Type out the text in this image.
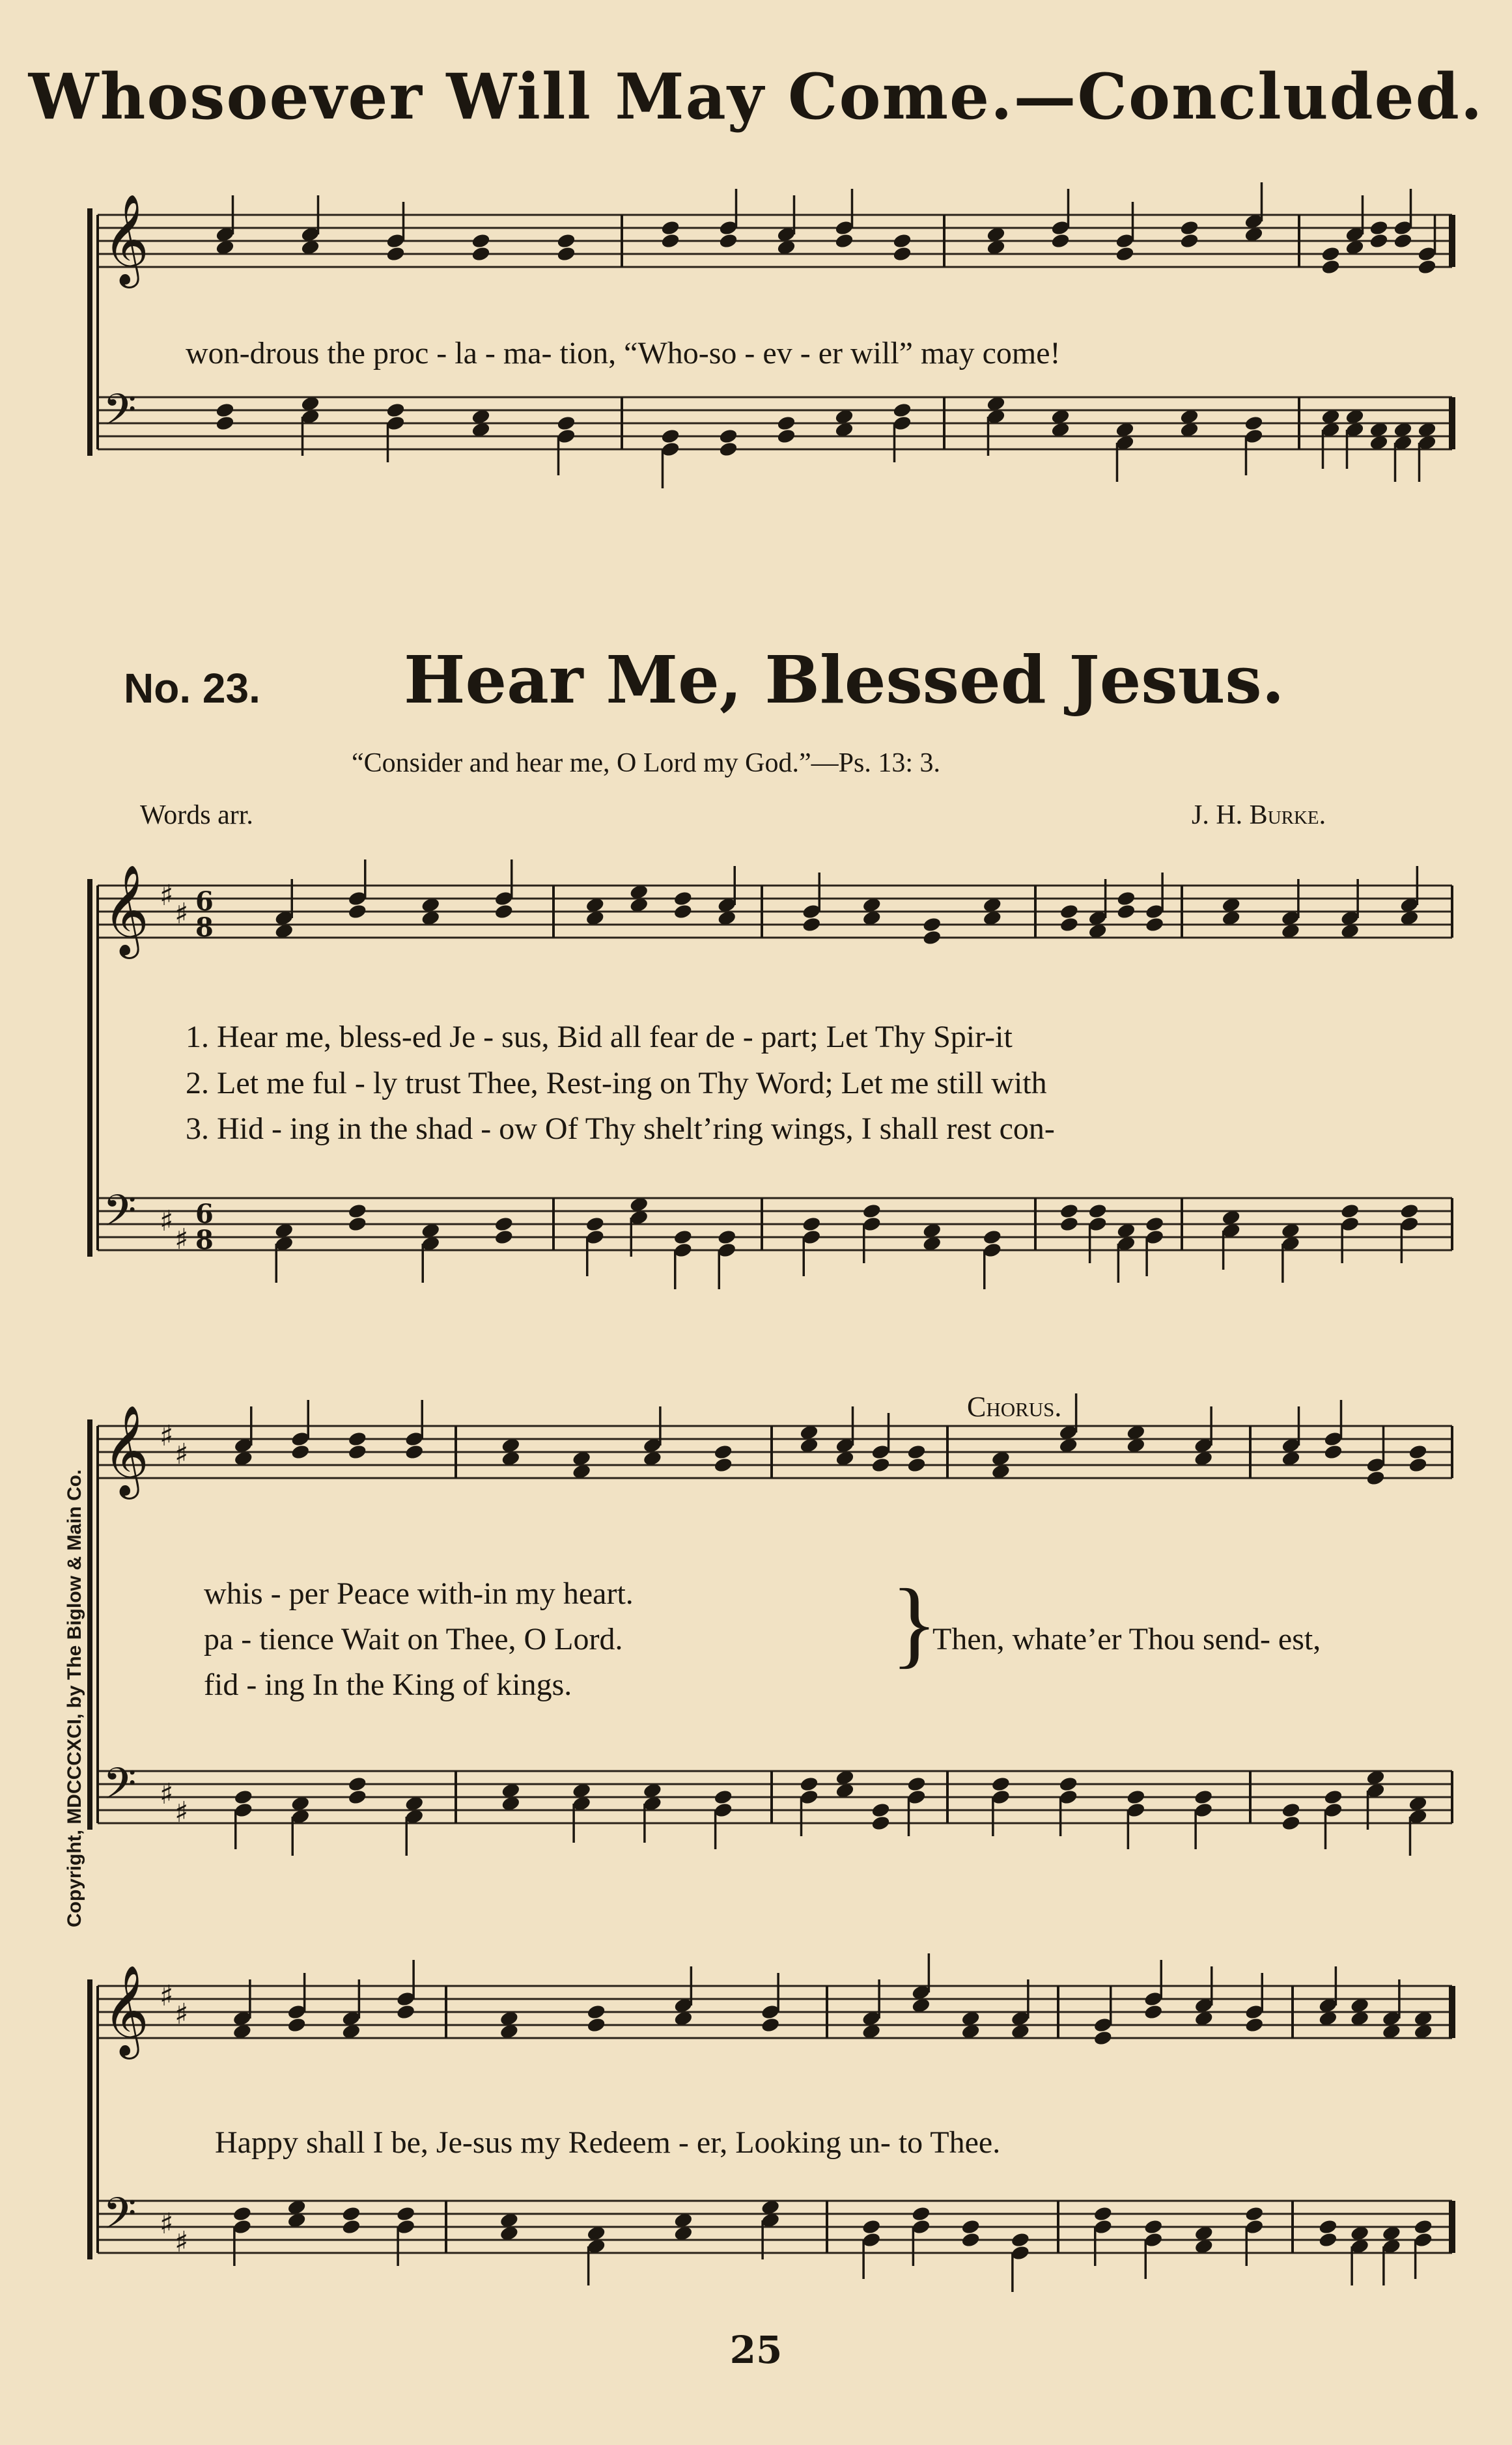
Whosoever Will May Come.—Concluded.
𝄞
𝄢
won-drous the proc - la - ma- tion, “Who-so - ev - er will” may come!
No. 23. Hear Me, Blessed Jesus.
“Consider and hear me, O Lord my God.”—Ps. 13: 3.
Words arr.	J. H. Burke.
𝄞
𝄢
♯
♯
♯
♯
6
8
6
8
1. Hear me, bless-ed Je - sus, Bid all fear de - part; Let Thy Spir-it
2. Let me ful - ly trust Thee, Rest-ing on Thy Word; Let me still with
3. Hid - ing in the shad - ow Of Thy shelt’ring wings, I shall rest con-
𝄞
𝄢
♯
♯
♯
♯
Chorus.
whis - per Peace with-in my heart.
pa - tience Wait on Thee, O Lord.
fid - ing In the King of kings.
}
Then, whate’er Thou send- est,
𝄞
𝄢
♯
♯
♯
♯
Happy shall I be, Je-sus my Redeem - er, Looking un- to Thee.
Copyright, MDCCCXCI, by The Biglow & Main Co.
25
